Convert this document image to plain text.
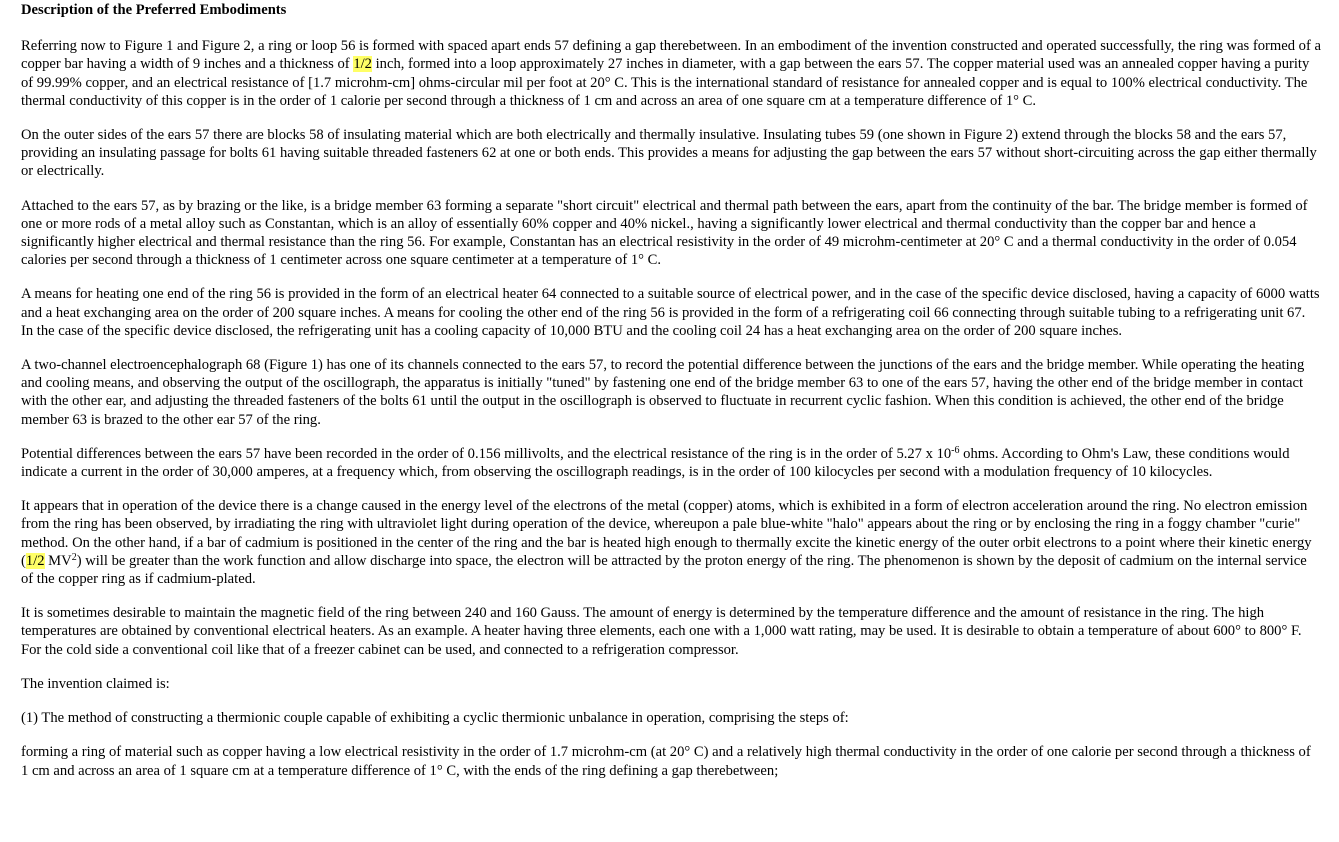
Description of the Preferred Embodiments

Referring now to Figure 1 and Figure 2, a ring or loop 56 is formed with spaced apart ends 57 defining a gap therebetween. In an embodiment of the invention constructed and operated successfully, the ring was formed of a copper bar having a width of 9 inches and a thickness of 1/2 inch, formed into a loop approximately 27 inches in diameter, with a gap between the ears 57. The copper material used was an annealed copper having a purity of 99.99% copper, and an electrical resistance of [1.7 microhm-cm] ohms-circular mil per foot at 20° C. This is the international standard of resistance for annealed copper and is equal to 100% electrical conductivity. The thermal conductivity of this copper is in the order of 1 calorie per second through a thickness of 1 cm and across an area of one square cm at a temperature difference of 1° C.

On the outer sides of the ears 57 there are blocks 58 of insulating material which are both electrically and thermally insulative. Insulating tubes 59 (one shown in Figure 2) extend through the blocks 58 and the ears 57, providing an insulating passage for bolts 61 having suitable threaded fasteners 62 at one or both ends. This provides a means for adjusting the gap between the ears 57 without short-circuiting across the gap either thermally or electrically.

Attached to the ears 57, as by brazing or the like, is a bridge member 63 forming a separate "short circuit" electrical and thermal path between the ears, apart from the continuity of the bar. The bridge member is formed of one or more rods of a metal alloy such as Constantan, which is an alloy of essentially 60% copper and 40% nickel., having a significantly lower electrical and thermal conductivity than the copper bar and hence a significantly higher electrical and thermal resistance than the ring 56. For example, Constantan has an electrical resistivity in the order of 49 microhm-centimeter at 20° C and a thermal conductivity in the order of 0.054 calories per second through a thickness of 1 centimeter across one square centimeter at a temperature of 1° C.

A means for heating one end of the ring 56 is provided in the form of an electrical heater 64 connected to a suitable source of electrical power, and in the case of the specific device disclosed, having a capacity of 6000 watts and a heat exchanging area on the order of 200 square inches. A means for cooling the other end of the ring 56 is provided in the form of a refrigerating coil 66 connecting through suitable tubing to a refrigerating unit 67. In the case of the specific device disclosed, the refrigerating unit has a cooling capacity of 10,000 BTU and the cooling coil 24 has a heat exchanging area on the order of 200 square inches.

A two-channel electroencephalograph 68 (Figure 1) has one of its channels connected to the ears 57, to record the potential difference between the junctions of the ears and the bridge member. While operating the heating and cooling means, and observing the output of the oscillograph, the apparatus is initially "tuned" by fastening one end of the bridge member 63 to one of the ears 57, having the other end of the bridge member in contact with the other ear, and adjusting the threaded fasteners of the bolts 61 until the output in the oscillograph is observed to fluctuate in recurrent cyclic fashion. When this condition is achieved, the other end of the bridge member 63 is brazed to the other ear 57 of the ring.

Potential differences between the ears 57 have been recorded in the order of 0.156 millivolts, and the electrical resistance of the ring is in the order of 5.27 x $10^{-6}$ ohms. According to Ohm's Law, these conditions would indicate a current in the order of 30,000 amperes, at a frequency which, from observing the oscillograph readings, is in the order of 100 kilocycles per second with a modulation frequency of 10 kilocycles.

It appears that in operation of the device there is a change caused in the energy level of the electrons of the metal (copper) atoms, which is exhibited in a form of electron acceleration around the ring. No electron emission from the ring has been observed, by irradiating the ring with ultraviolet light during operation of the device, whereupon a pale blue-white "halo" appears about the ring or by enclosing the ring in a foggy chamber "curie" method. On the other hand, if a bar of cadmium is positioned in the center of the ring and the bar is heated high enough to thermally excite the kinetic energy of the outer orbit electrons to a point where their kinetic energy (1/2 $MV^2$) will be greater than the work function and allow discharge into space, the electron will be attracted by the proton energy of the ring. The phenomenon is shown by the deposit of cadmium on the internal service of the copper ring as if cadmium-plated.

It is sometimes desirable to maintain the magnetic field of the ring between 240 and 160 Gauss. The amount of energy is determined by the temperature difference and the amount of resistance in the ring. The high temperatures are obtained by conventional electrical heaters. As an example. A heater having three elements, each one with a 1,000 watt rating, may be used. It is desirable to obtain a temperature of about 600° to 800° F. For the cold side a conventional coil like that of a freezer cabinet can be used, and connected to a refrigeration compressor.

The invention claimed is:

(1) The method of constructing a thermionic couple capable of exhibiting a cyclic thermionic unbalance in operation, comprising the steps of:

forming a ring of material such as copper having a low electrical resistivity in the order of 1.7 microhm-cm (at 20° C) and a relatively high thermal conductivity in the order of one calorie per second through a thickness of 1 cm and across an area of 1 square cm at a temperature difference of 1° C, with the ends of the ring defining a gap therebetween;
